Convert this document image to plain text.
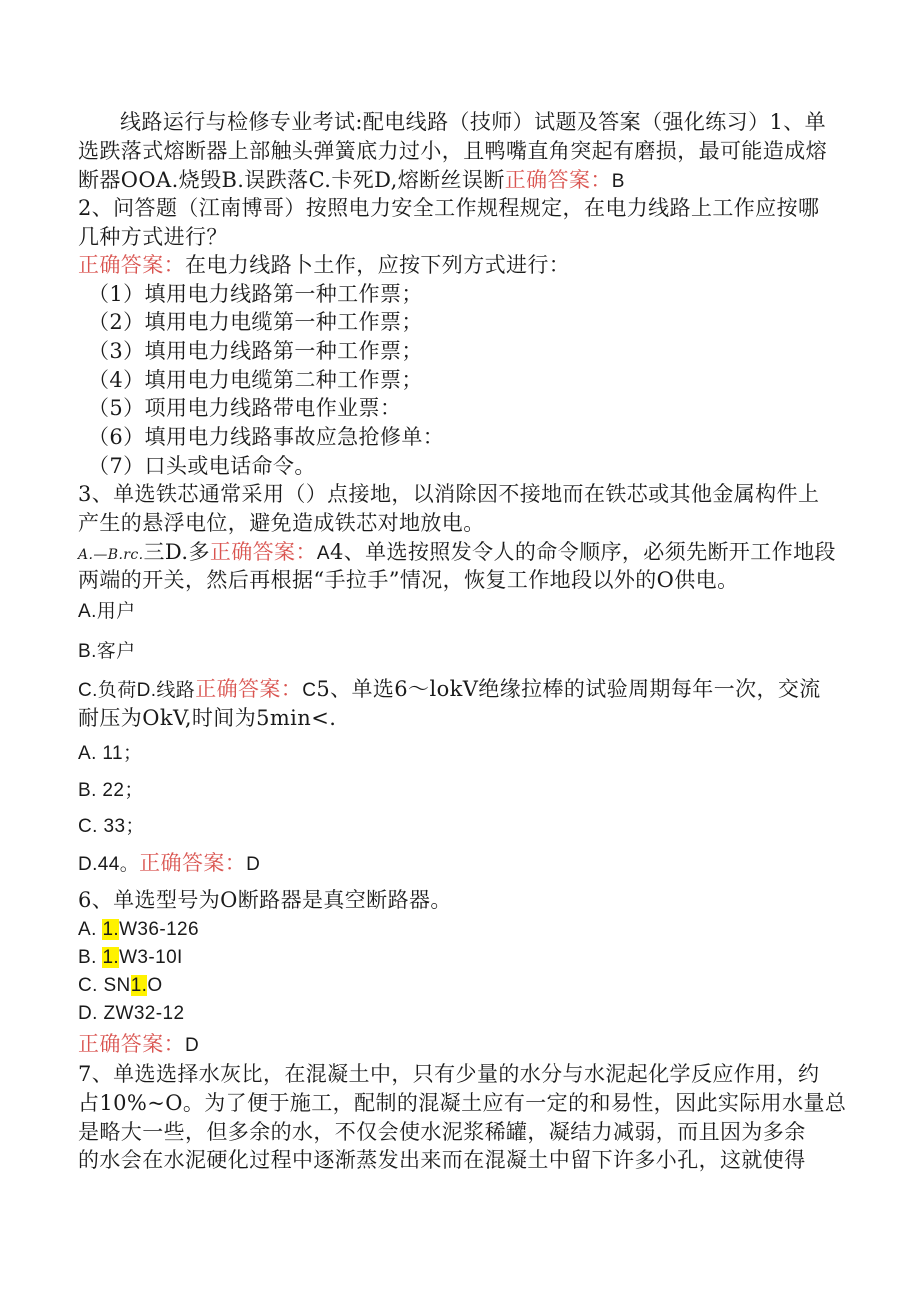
线路运行与检修专业考试:配电线路（技师）试题及答案（强化练习）1、单
选跌落式熔断器上部触头弹簧底力过小，且鸭嘴直角突起有磨损，最可能造成熔
断器OOA.烧毁B.误跌落C.卡死D,熔断丝误断正确答案：B
2、问答题（江南博哥）按照电力安全工作规程规定，在电力线路上工作应按哪
几种方式进行？
正确答案：在电力线路卜土作，应按下列方式进行：
（1）填用电力线路第一种工作票；
（2）填用电力电缆第一种工作票；
（3）填用电力线路第一种工作票；
（4）填用电力电缆第二种工作票；
（5）项用电力线路带电作业票：
（6）填用电力线路事故应急抢修单：
（7）口头或电话命令。
3、单选铁芯通常采用（）点接地，以消除因不接地而在铁芯或其他金属构件上
产生的悬浮电位，避免造成铁芯对地放电。
A.—B.rc.三D.多正确答案：A4、单选按照发令人的命令顺序，必须先断开工作地段
两端的开关，然后再根据“手拉手”情况，恢复工作地段以外的O供电。
A.用户
B.客户
C.负荷D.线路正确答案：C5、单选6～lokV绝缘拉棒的试验周期每年一次，交流
耐压为OkV,时间为5min<.
A. 11；
B. 22；
C. 33；
D.44。正确答案：D
6、单选型号为O断路器是真空断路器。
A. 1.W36-126
B. 1.W3-10I
C. SN1.O
D. ZW32-12
正确答案：D
7、单选选择水灰比，在混凝土中，只有少量的水分与水泥起化学反应作用，约
占10%~O。为了便于施工，配制的混凝土应有一定的和易性，因此实际用水量总
是略大一些，但多余的水，不仅会使水泥浆稀罐，凝结力减弱，而且因为多余
的水会在水泥硬化过程中逐渐蒸发出来而在混凝土中留下许多小孔，这就使得
